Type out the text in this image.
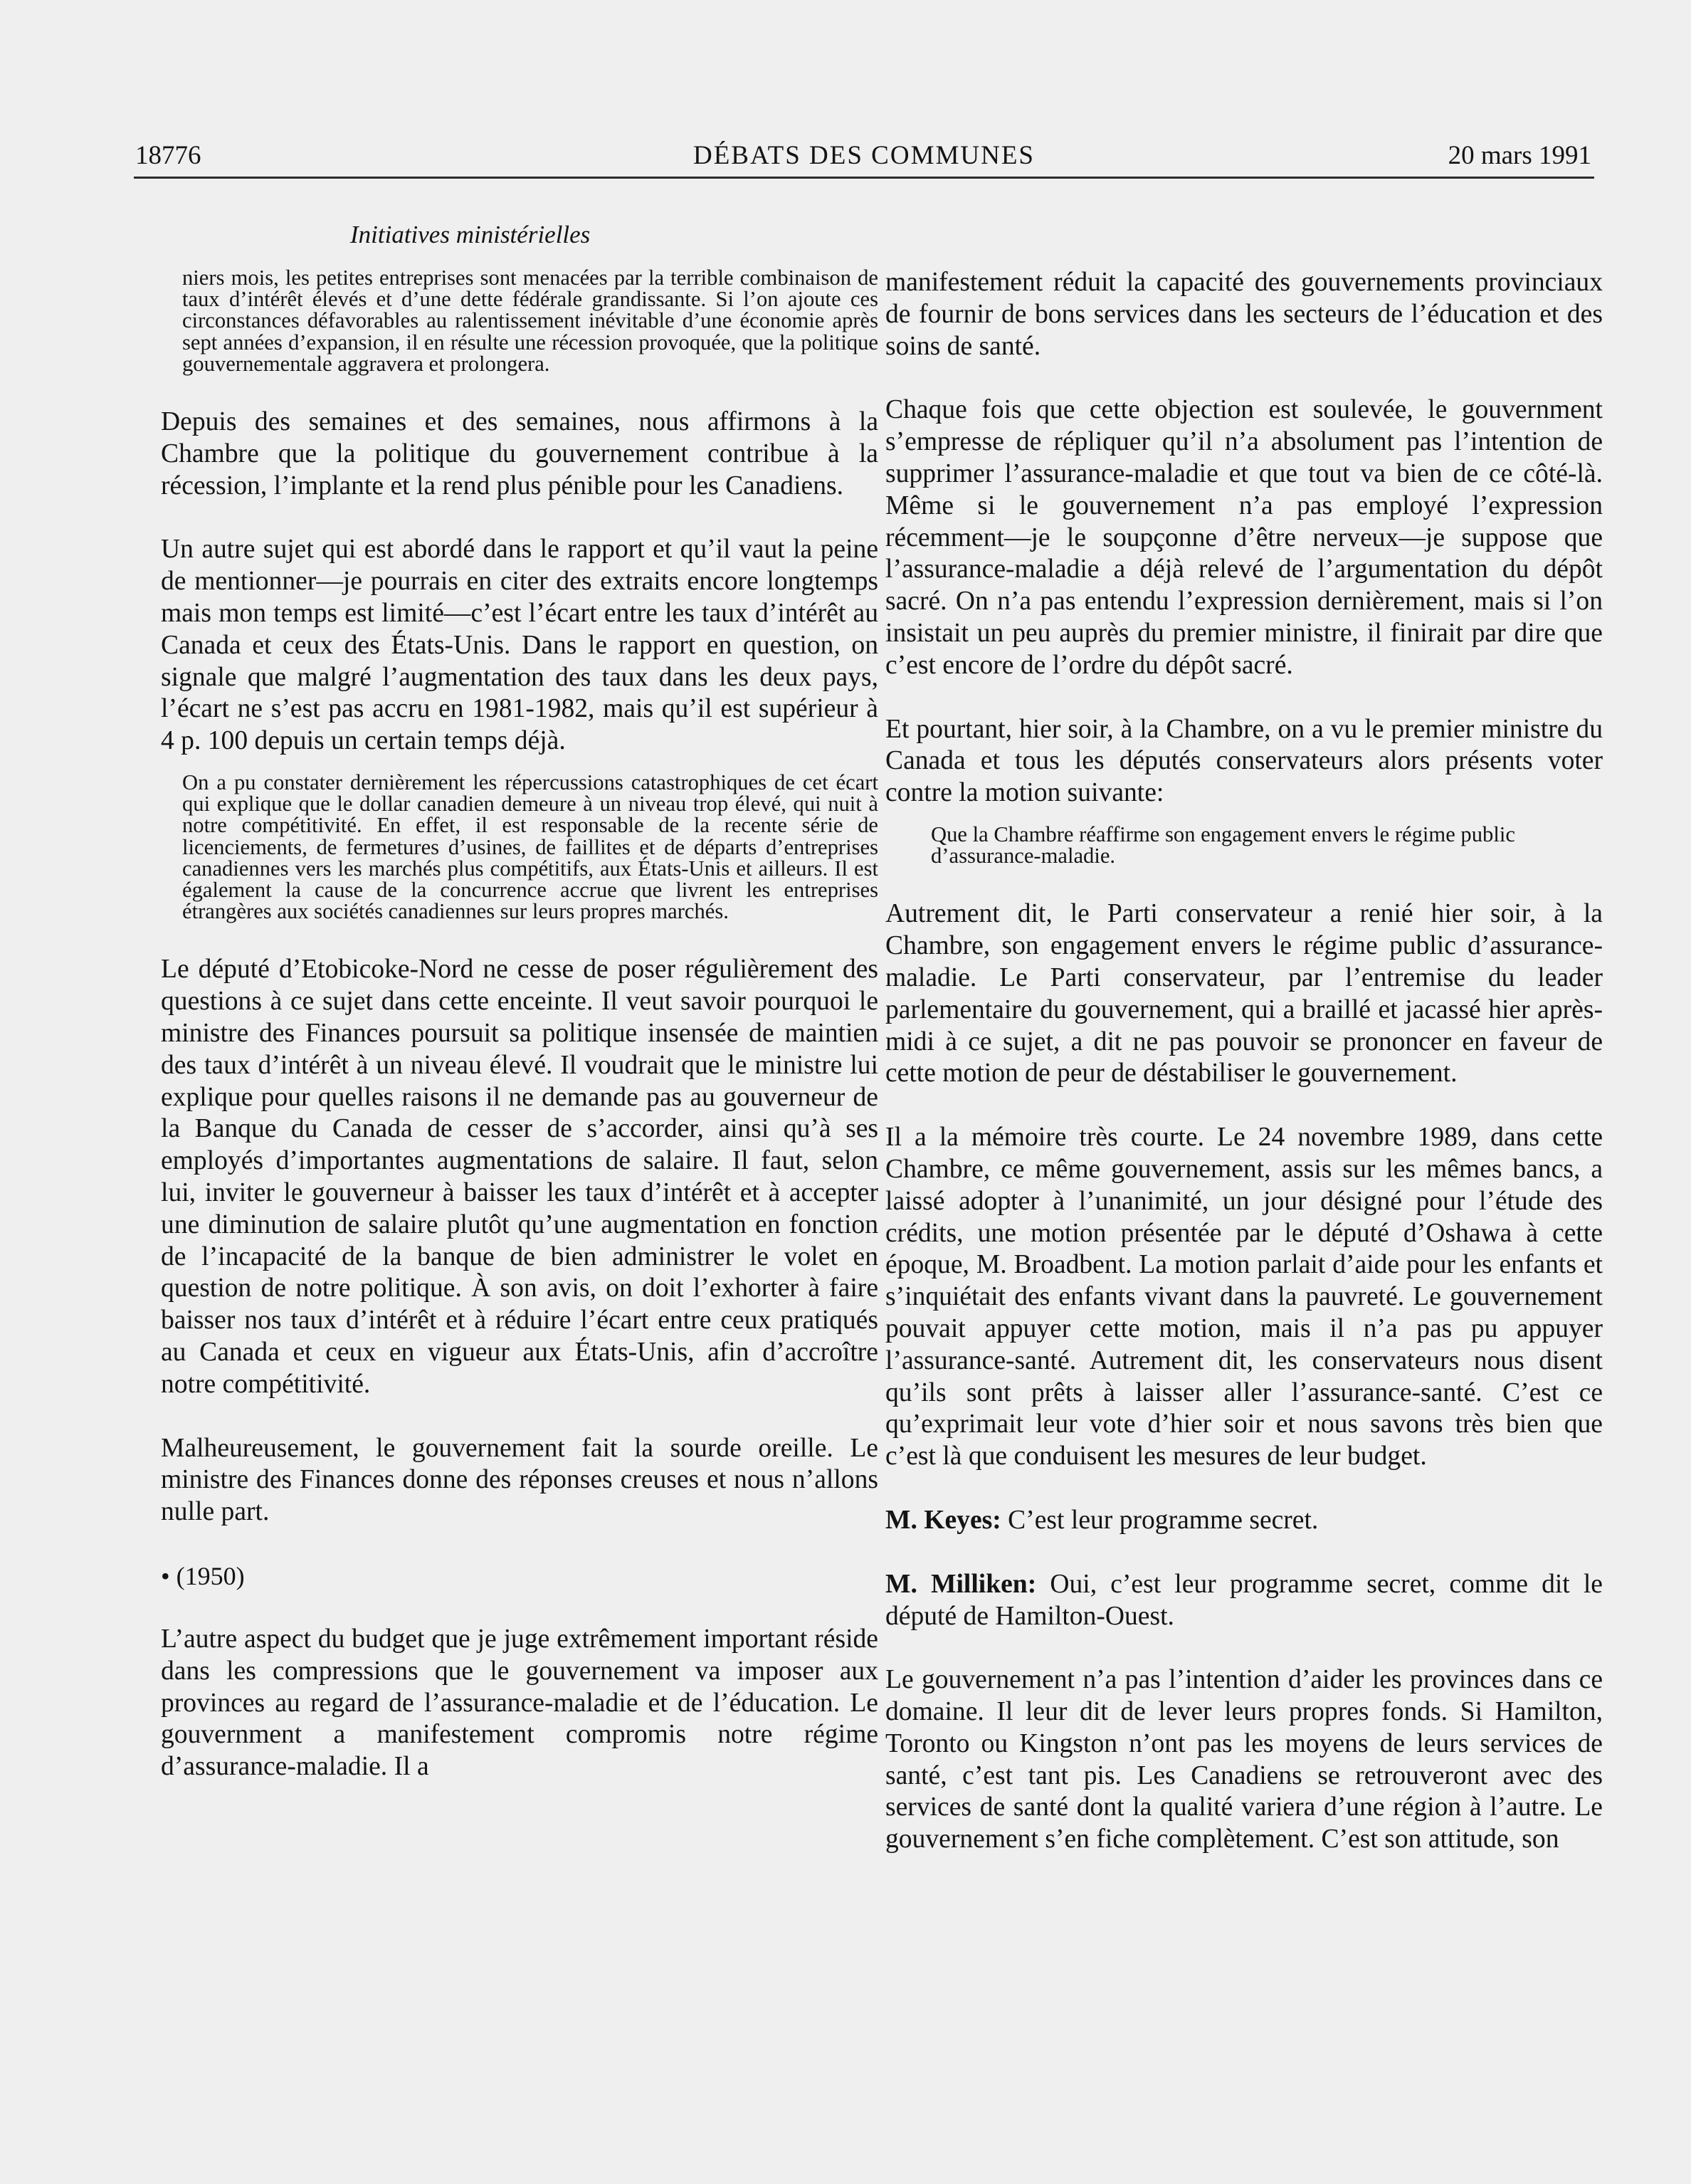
18776	DÉBATS DES COMMUNES	20 mars 1991
Initiatives ministérielles

niers mois, les petites entreprises sont menacées par la terrible combinaison de taux d’intérêt élevés et d’une dette fédérale grandissante. Si l’on ajoute ces circonstances défavorables au ralentissement inévitable d’une économie après sept années d’expansion, il en résulte une récession provoquée, que la politique gouvernementale aggravera et prolongera.

Depuis des semaines et des semaines, nous affirmons à la Chambre que la politique du gouvernement contribue à la récession, l’implante et la rend plus pénible pour les Canadiens.

Un autre sujet qui est abordé dans le rapport et qu’il vaut la peine de mentionner—je pourrais en citer des extraits encore longtemps mais mon temps est limité—c’est l’écart entre les taux d’intérêt au Canada et ceux des États-Unis. Dans le rapport en question, on signale que malgré l’augmentation des taux dans les deux pays, l’écart ne s’est pas accru en 1981-1982, mais qu’il est supérieur à 4 p. 100 depuis un certain temps déjà.

On a pu constater dernièrement les répercussions catastrophiques de cet écart qui explique que le dollar canadien demeure à un niveau trop élevé, qui nuit à notre compétitivité. En effet, il est responsable de la recente série de licenciements, de fermetures d’usines, de faillites et de départs d’entreprises canadiennes vers les marchés plus compétitifs, aux États-Unis et ailleurs. Il est également la cause de la concurrence accrue que livrent les entreprises étrangères aux sociétés canadiennes sur leurs propres marchés.

Le député d’Etobicoke-Nord ne cesse de poser régulièrement des questions à ce sujet dans cette enceinte. Il veut savoir pourquoi le ministre des Finances poursuit sa politique insensée de maintien des taux d’intérêt à un niveau élevé. Il voudrait que le ministre lui explique pour quelles raisons il ne demande pas au gouverneur de la Banque du Canada de cesser de s’accorder, ainsi qu’à ses employés d’importantes augmentations de salaire. Il faut, selon lui, inviter le gouverneur à baisser les taux d’intérêt et à accepter une diminution de salaire plutôt qu’une augmentation en fonction de l’incapacité de la banque de bien administrer le volet en question de notre politique. À son avis, on doit l’exhorter à faire baisser nos taux d’intérêt et à réduire l’écart entre ceux pratiqués au Canada et ceux en vigueur aux États-Unis, afin d’accroître notre compétitivité.

Malheureusement, le gouvernement fait la sourde oreille. Le ministre des Finances donne des réponses creuses et nous n’allons nulle part.

• (1950)

L’autre aspect du budget que je juge extrêmement important réside dans les compressions que le gouvernement va imposer aux provinces au regard de l’assurance-maladie et de l’éducation. Le gouvernment a manifestement compromis notre régime d’assurance-maladie. Il a

manifestement réduit la capacité des gouvernements provinciaux de fournir de bons services dans les secteurs de l’éducation et des soins de santé.

Chaque fois que cette objection est soulevée, le gouvernment s’empresse de répliquer qu’il n’a absolument pas l’intention de supprimer l’assurance-maladie et que tout va bien de ce côté-là. Même si le gouvernement n’a pas employé l’expression récemment—je le soupçonne d’être nerveux—je suppose que l’assurance-maladie a déjà relevé de l’argumentation du dépôt sacré. On n’a pas entendu l’expression dernièrement, mais si l’on insistait un peu auprès du premier ministre, il finirait par dire que c’est encore de l’ordre du dépôt sacré.

Et pourtant, hier soir, à la Chambre, on a vu le premier ministre du Canada et tous les députés conservateurs alors présents voter contre la motion suivante:

Que la Chambre réaffirme son engagement envers le régime public d’assurance-maladie.

Autrement dit, le Parti conservateur a renié hier soir, à la Chambre, son engagement envers le régime public d’assurance-maladie. Le Parti conservateur, par l’entremise du leader parlementaire du gouvernement, qui a braillé et jacassé hier après-midi à ce sujet, a dit ne pas pouvoir se prononcer en faveur de cette motion de peur de déstabiliser le gouvernement.

Il a la mémoire très courte. Le 24 novembre 1989, dans cette Chambre, ce même gouvernement, assis sur les mêmes bancs, a laissé adopter à l’unanimité, un jour désigné pour l’étude des crédits, une motion présentée par le député d’Oshawa à cette époque, M. Broadbent. La motion parlait d’aide pour les enfants et s’inquiétait des enfants vivant dans la pauvreté. Le gouvernement pouvait appuyer cette motion, mais il n’a pas pu appuyer l’assurance-santé. Autrement dit, les conservateurs nous disent qu’ils sont prêts à laisser aller l’assurance-santé. C’est ce qu’exprimait leur vote d’hier soir et nous savons très bien que c’est là que conduisent les mesures de leur budget.

M. Keyes: C’est leur programme secret.

M. Milliken: Oui, c’est leur programme secret, comme dit le député de Hamilton-Ouest.

Le gouvernement n’a pas l’intention d’aider les provinces dans ce domaine. Il leur dit de lever leurs propres fonds. Si Hamilton, Toronto ou Kingston n’ont pas les moyens de leurs services de santé, c’est tant pis. Les Canadiens se retrouveront avec des services de santé dont la qualité variera d’une région à l’autre. Le gouvernement s’en fiche complètement. C’est son attitude, son
